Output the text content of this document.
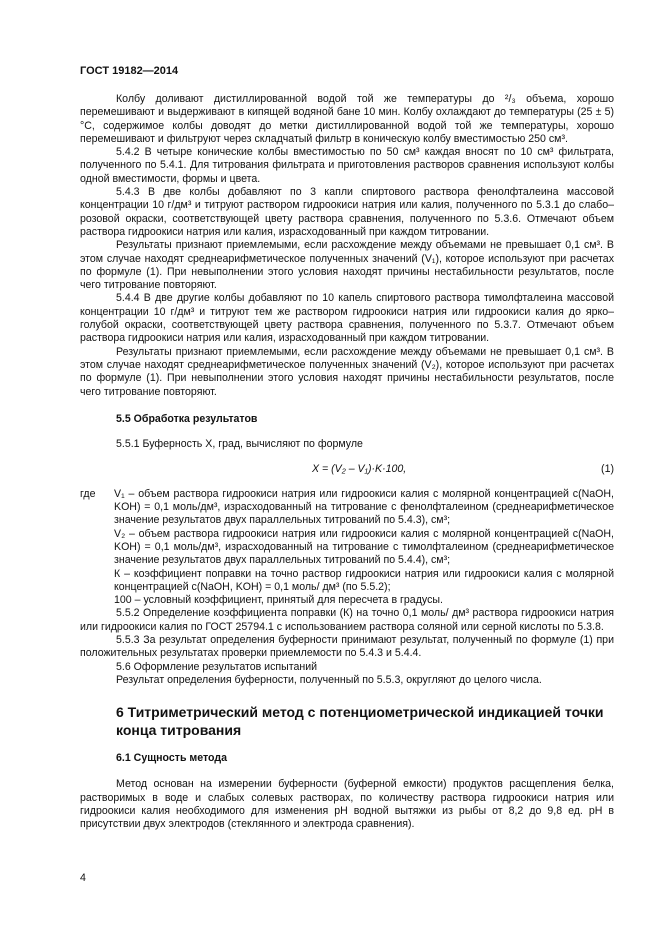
ГОСТ 19182—2014

Колбу доливают дистиллированной водой той же температуры до ²/₃ объема, хорошо перемешивают и выдерживают в кипящей водяной бане 10 мин. Колбу охлаждают до температуры (25 ± 5) °С, содержимое колбы доводят до метки дистиллированной водой той же температуры, хорошо перемешивают и фильтруют через складчатый фильтр в коническую колбу вместимостью 250 см³.

5.4.2 В четыре конические колбы вместимостью по 50 см³ каждая вносят по 10 см³ фильтрата, полученного по 5.4.1. Для титрования фильтрата и приготовления растворов сравнения используют колбы одной вместимости, формы и цвета.

5.4.3 В две колбы добавляют по 3 капли спиртового раствора фенолфталеина массовой концентрации 10 г/дм³ и титруют раствором гидроокиси натрия или калия, полученного по 5.3.1 до слабо–розовой окраски, соответствующей цвету раствора сравнения, полученного по 5.3.6. Отмечают объем раствора гидроокиси натрия или калия, израсходованный при каждом титровании.

Результаты признают приемлемыми, если расхождение между объемами не превышает 0,1 см³. В этом случае находят среднеарифметическое полученных значений (V₁), которое используют при расчетах по формуле (1). При невыполнении этого условия находят причины нестабильности результатов, после чего титрование повторяют.

5.4.4 В две другие колбы добавляют по 10 капель спиртового раствора тимолфталеина массовой концентрации 10 г/дм³ и титруют тем же раствором гидроокиси натрия или гидроокиси калия до ярко–голубой окраски, соответствующей цвету раствора сравнения, полученного по 5.3.7. Отмечают объем раствора гидроокиси натрия или калия, израсходованный при каждом титровании.

Результаты признают приемлемыми, если расхождение между объемами не превышает 0,1 см³. В этом случае находят среднеарифметическое полученных значений (V₂), которое используют при расчетах по формуле (1). При невыполнении этого условия находят причины нестабильности результатов, после чего титрование повторяют.

5.5 Обработка результатов

5.5.1 Буферность X, град, вычисляют по формуле

X = (V₂ – V₁)·K·100,	(1)
где	V₁ – объем раствора гидроокиси натрия или гидроокиси калия с молярной концентрацией c(NaOH, KOH) = 0,1 моль/дм³, израсходованный на титрование с фенолфталеином (среднеарифметическое значение результатов двух параллельных титрований по 5.4.3), см³;

V₂ – объем раствора гидроокиси натрия или гидроокиси калия с молярной концентрацией c(NaOH, KOH) = 0,1 моль/дм³, израсходованный на титрование с тимолфталеином (среднеарифметическое значение результатов двух параллельных титрований по 5.4.4), см³;

К – коэффициент поправки на точно раствор гидроокиси натрия или гидроокиси калия с молярной концентрацией c(NaOH, KOH) = 0,1 моль/ дм³ (по 5.5.2);

100 – условный коэффициент, принятый для пересчета в градусы.

5.5.2 Определение коэффициента поправки (К) на точно 0,1 моль/ дм³ раствора гидроокиси натрия или гидроокиси калия по ГОСТ 25794.1 с использованием раствора соляной или серной кислоты по 5.3.8.

5.5.3 За результат определения буферности принимают результат, полученный по формуле (1) при положительных результатах проверки приемлемости по 5.4.3 и 5.4.4.

5.6 Оформление результатов испытаний

Результат определения буферности, полученный по 5.5.3, округляют до целого числа.

6 Титриметрический метод с потенциометрической индикацией точки конца титрования

6.1 Сущность метода

Метод основан на измерении буферности (буферной емкости) продуктов расщепления белка, растворимых в воде и слабых солевых растворах, по количеству раствора гидроокиси натрия или гидроокиси калия необходимого для изменения pH водной вытяжки из рыбы от 8,2 до 9,8 ед. pH в присутствии двух электродов (стеклянного и электрода сравнения).

4
